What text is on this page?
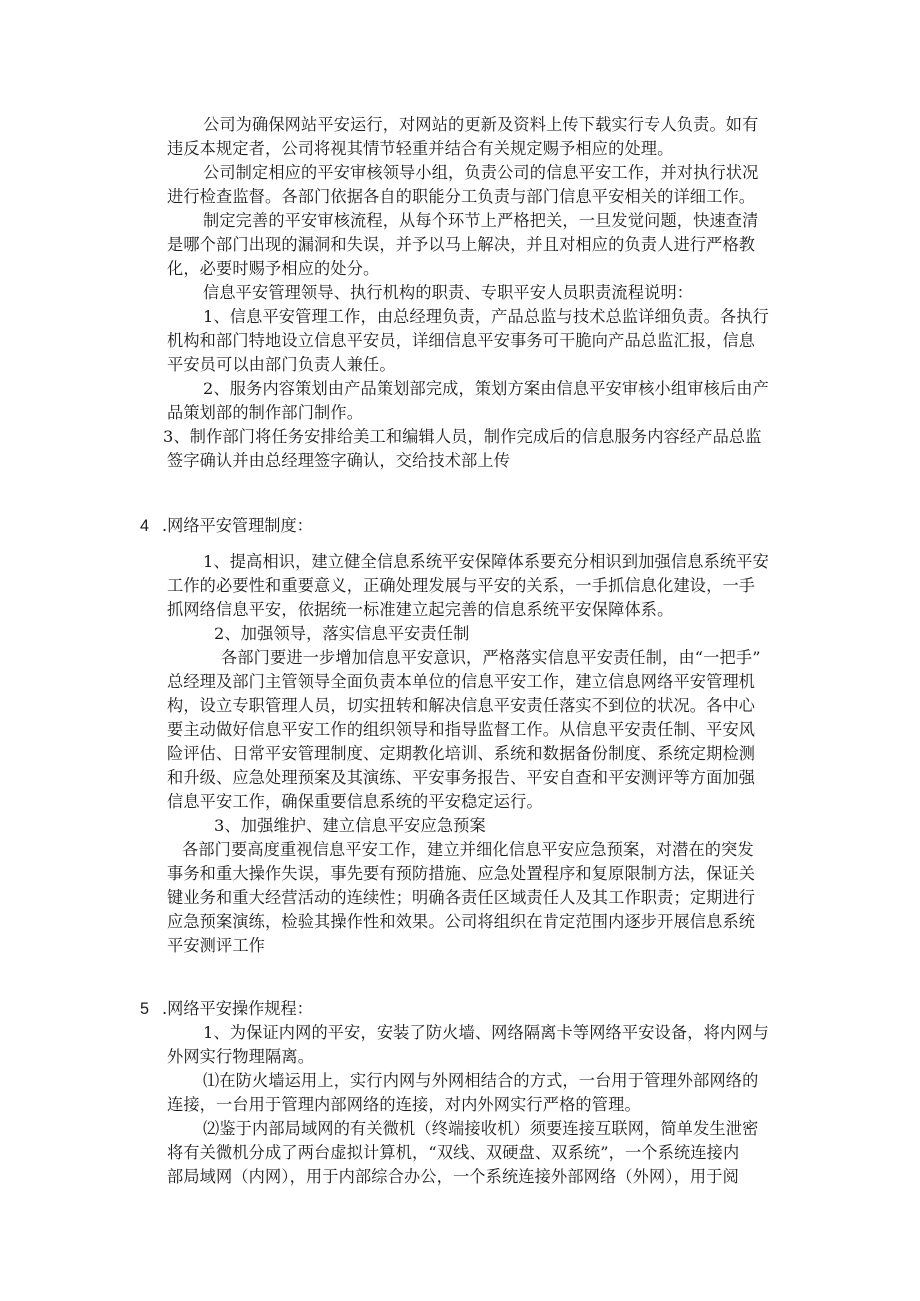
公司为确保网站平安运行，对网站的更新及资料上传下载实行专人负责。如有
违反本规定者，公司将视其情节轻重并结合有关规定赐予相应的处理。
公司制定相应的平安审核领导小组，负责公司的信息平安工作，并对执行状况
进行检查监督。各部门依据各自的职能分工负责与部门信息平安相关的详细工作。
制定完善的平安审核流程，从每个环节上严格把关，一旦发觉问题，快速查清
是哪个部门出现的漏洞和失误，并予以马上解决，并且对相应的负责人进行严格教
化，必要时赐予相应的处分。
信息平安管理领导、执行机构的职责、专职平安人员职责流程说明：
1、信息平安管理工作，由总经理负责，产品总监与技术总监详细负责。各执行
机构和部门特地设立信息平安员，详细信息平安事务可干脆向产品总监汇报，信息
平安员可以由部门负责人兼任。
2、服务内容策划由产品策划部完成，策划方案由信息平安审核小组审核后由产
品策划部的制作部门制作。
3、制作部门将任务安排给美工和编辑人员，制作完成后的信息服务内容经产品总监
签字确认并由总经理签字确认，交给技术部上传
4 .网络平安管理制度：
1、提高相识，建立健全信息系统平安保障体系要充分相识到加强信息系统平安
工作的必要性和重要意义，正确处理发展与平安的关系，一手抓信息化建设，一手
抓网络信息平安，依据统一标准建立起完善的信息系统平安保障体系。
2、加强领导，落实信息平安责任制
各部门要进一步增加信息平安意识，严格落实信息平安责任制，由“一把手”
总经理及部门主管领导全面负责本单位的信息平安工作，建立信息网络平安管理机
构，设立专职管理人员，切实扭转和解决信息平安责任落实不到位的状况。各中心
要主动做好信息平安工作的组织领导和指导监督工作。从信息平安责任制、平安风
险评估、日常平安管理制度、定期教化培训、系统和数据备份制度、系统定期检测
和升级、应急处理预案及其演练、平安事务报告、平安自查和平安测评等方面加强
信息平安工作，确保重要信息系统的平安稳定运行。
3、加强维护、建立信息平安应急预案
各部门要高度重视信息平安工作，建立并细化信息平安应急预案，对潜在的突发
事务和重大操作失误，事先要有预防措施、应急处置程序和复原限制方法，保证关
键业务和重大经营活动的连续性；明确各责任区域责任人及其工作职责；定期进行
应急预案演练，检验其操作性和效果。公司将组织在肯定范围内逐步开展信息系统
平安测评工作
5 .网络平安操作规程：
1、为保证内网的平安，安装了防火墙、网络隔离卡等网络平安设备，将内网与
外网实行物理隔离。
⑴在防火墙运用上，实行内网与外网相结合的方式，一台用于管理外部网络的
连接，一台用于管理内部网络的连接，对内外网实行严格的管理。
⑵鉴于内部局域网的有关微机（终端接收机）须要连接互联网，简单发生泄密
将有关微机分成了两台虚拟计算机，“双线、双硬盘、双系统”，一个系统连接内
部局域网（内网），用于内部综合办公，一个系统连接外部网络（外网），用于阅
